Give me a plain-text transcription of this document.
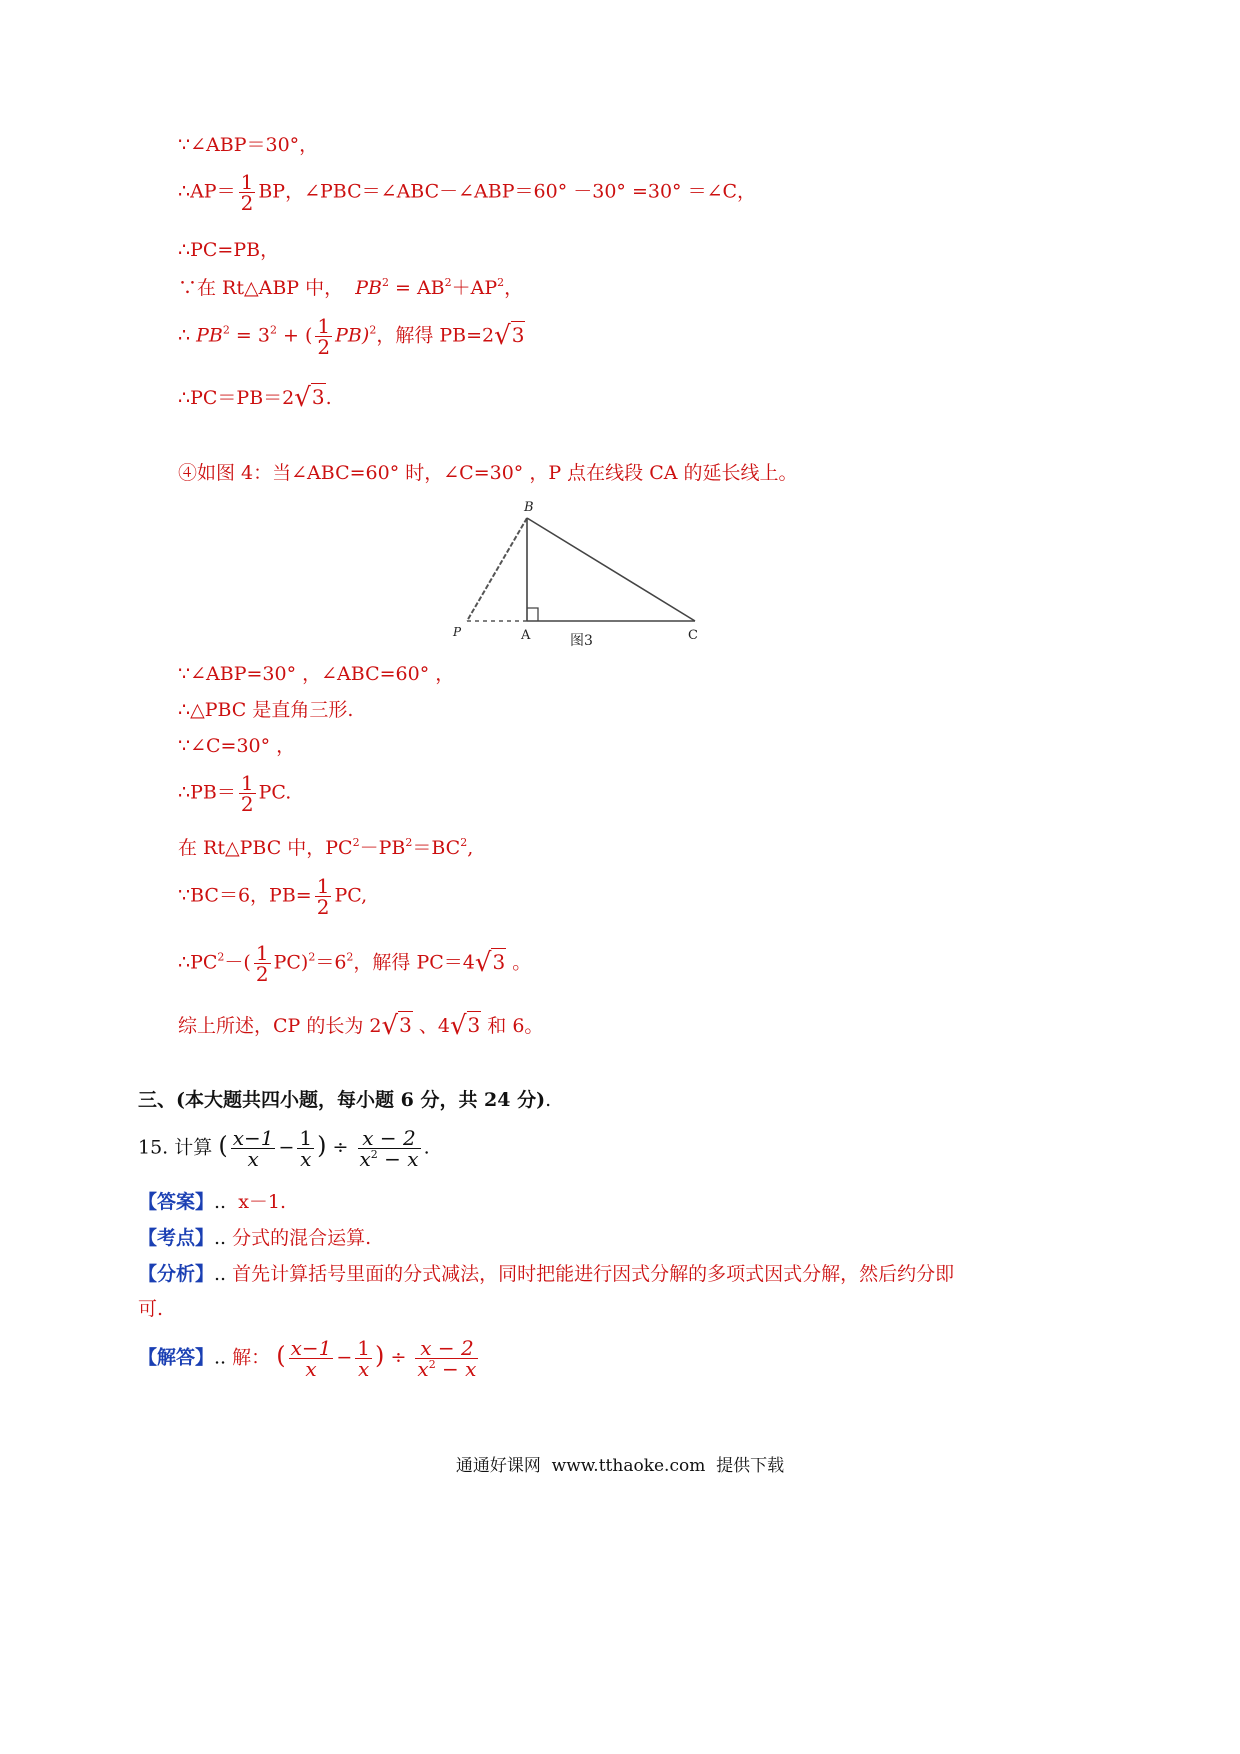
∵∠ABP＝30°，
∴AP＝ $\frac{1}{2}$ BP，∠PBC＝∠ABC－∠ABP＝60° －30° =30° ＝∠C，
∴PC=PB，
∵在 Rt△ABP 中， $PB^2 = AB^2+AP^2$，
∴ $PB^2 = 3^2$ + ( $\frac{1}{2} PB)^2$，解得 PB=2√3
∴PC＝PB＝2√3.
④如图 4：当∠ABC=60° 时，∠C=30° ，P 点在线段 CA 的延长线上。
B
P	A	图3	C
∵∠ABP=30° ，∠ABC=60° ，
∴△PBC 是直角三形.
∵∠C=30° ，
∴PB＝ $\frac{1}{2}$ PC.
在 Rt△PBC 中，$PC^2-PB^2=BC^2$,
∵BC＝6，$PB= \frac{1}{2}$ PC,
$\therefore PC^2-( \frac{1}{2} PC)^2=6^2$，解得 PC＝4√3 。
综上所述，CP 的长为 2√3 、4√3 和 6。
三、(本大题共四小题，每小题 6 分，共 24 分).
15. 计算 ( $\frac{x-1}{x} - \frac{1}{x}$ ) ÷ $\frac{x - 2}{x^2 - x}$ .
【答案】.. x－1.
【考点】.. 分式的混合运算.
【分析】.. 首先计算括号里面的分式减法，同时把能进行因式分解的多项式因式分解，然后约分即
可.
【解答】.. 解： ( $\frac{x-1}{x} - \frac{1}{x}$ ) ÷ $\frac{x - 2}{x^2 - x}$
通通好课网  www.tthaoke.com  提供下载
